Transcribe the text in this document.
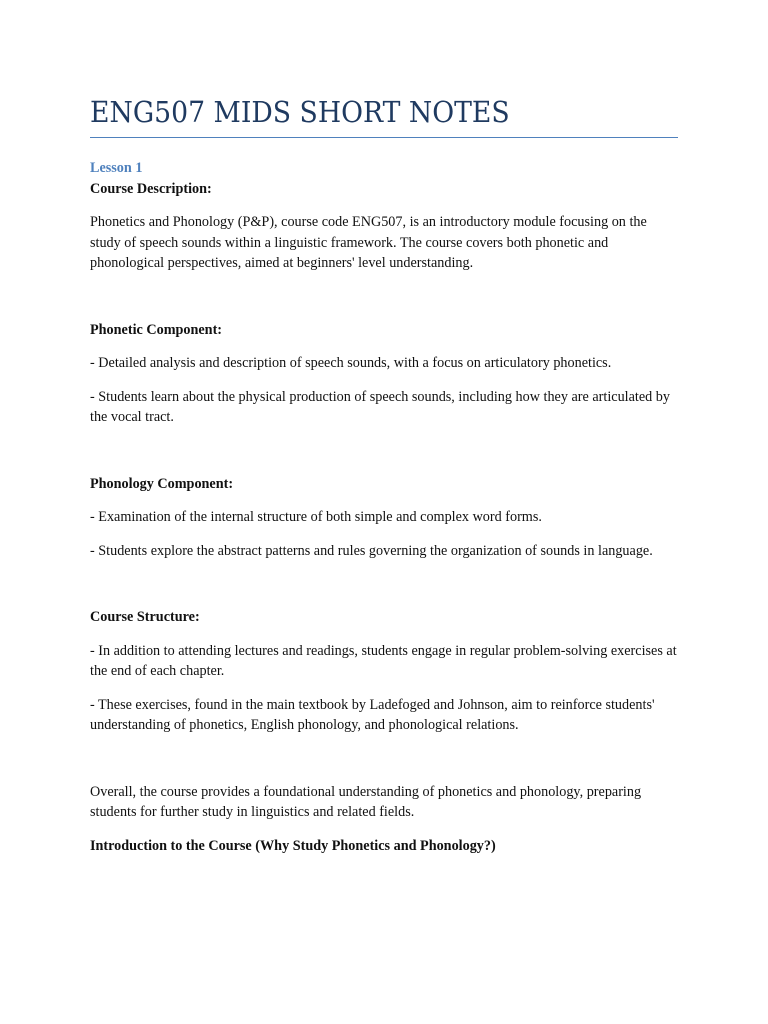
ENG507 MIDS SHORT NOTES
Lesson 1
Course Description:

Phonetics and Phonology (P&P), course code ENG507, is an introductory module focusing on the study of speech sounds within a linguistic framework. The course covers both phonetic and phonological perspectives, aimed at beginners' level understanding.

Phonetic Component:

- Detailed analysis and description of speech sounds, with a focus on articulatory phonetics.

- Students learn about the physical production of speech sounds, including how they are articulated by the vocal tract.

Phonology Component:

- Examination of the internal structure of both simple and complex word forms.

- Students explore the abstract patterns and rules governing the organization of sounds in language.

Course Structure:

- In addition to attending lectures and readings, students engage in regular problem-solving exercises at the end of each chapter.

- These exercises, found in the main textbook by Ladefoged and Johnson, aim to reinforce students' understanding of phonetics, English phonology, and phonological relations.

Overall, the course provides a foundational understanding of phonetics and phonology, preparing students for further study in linguistics and related fields.

Introduction to the Course (Why Study Phonetics and Phonology?)
